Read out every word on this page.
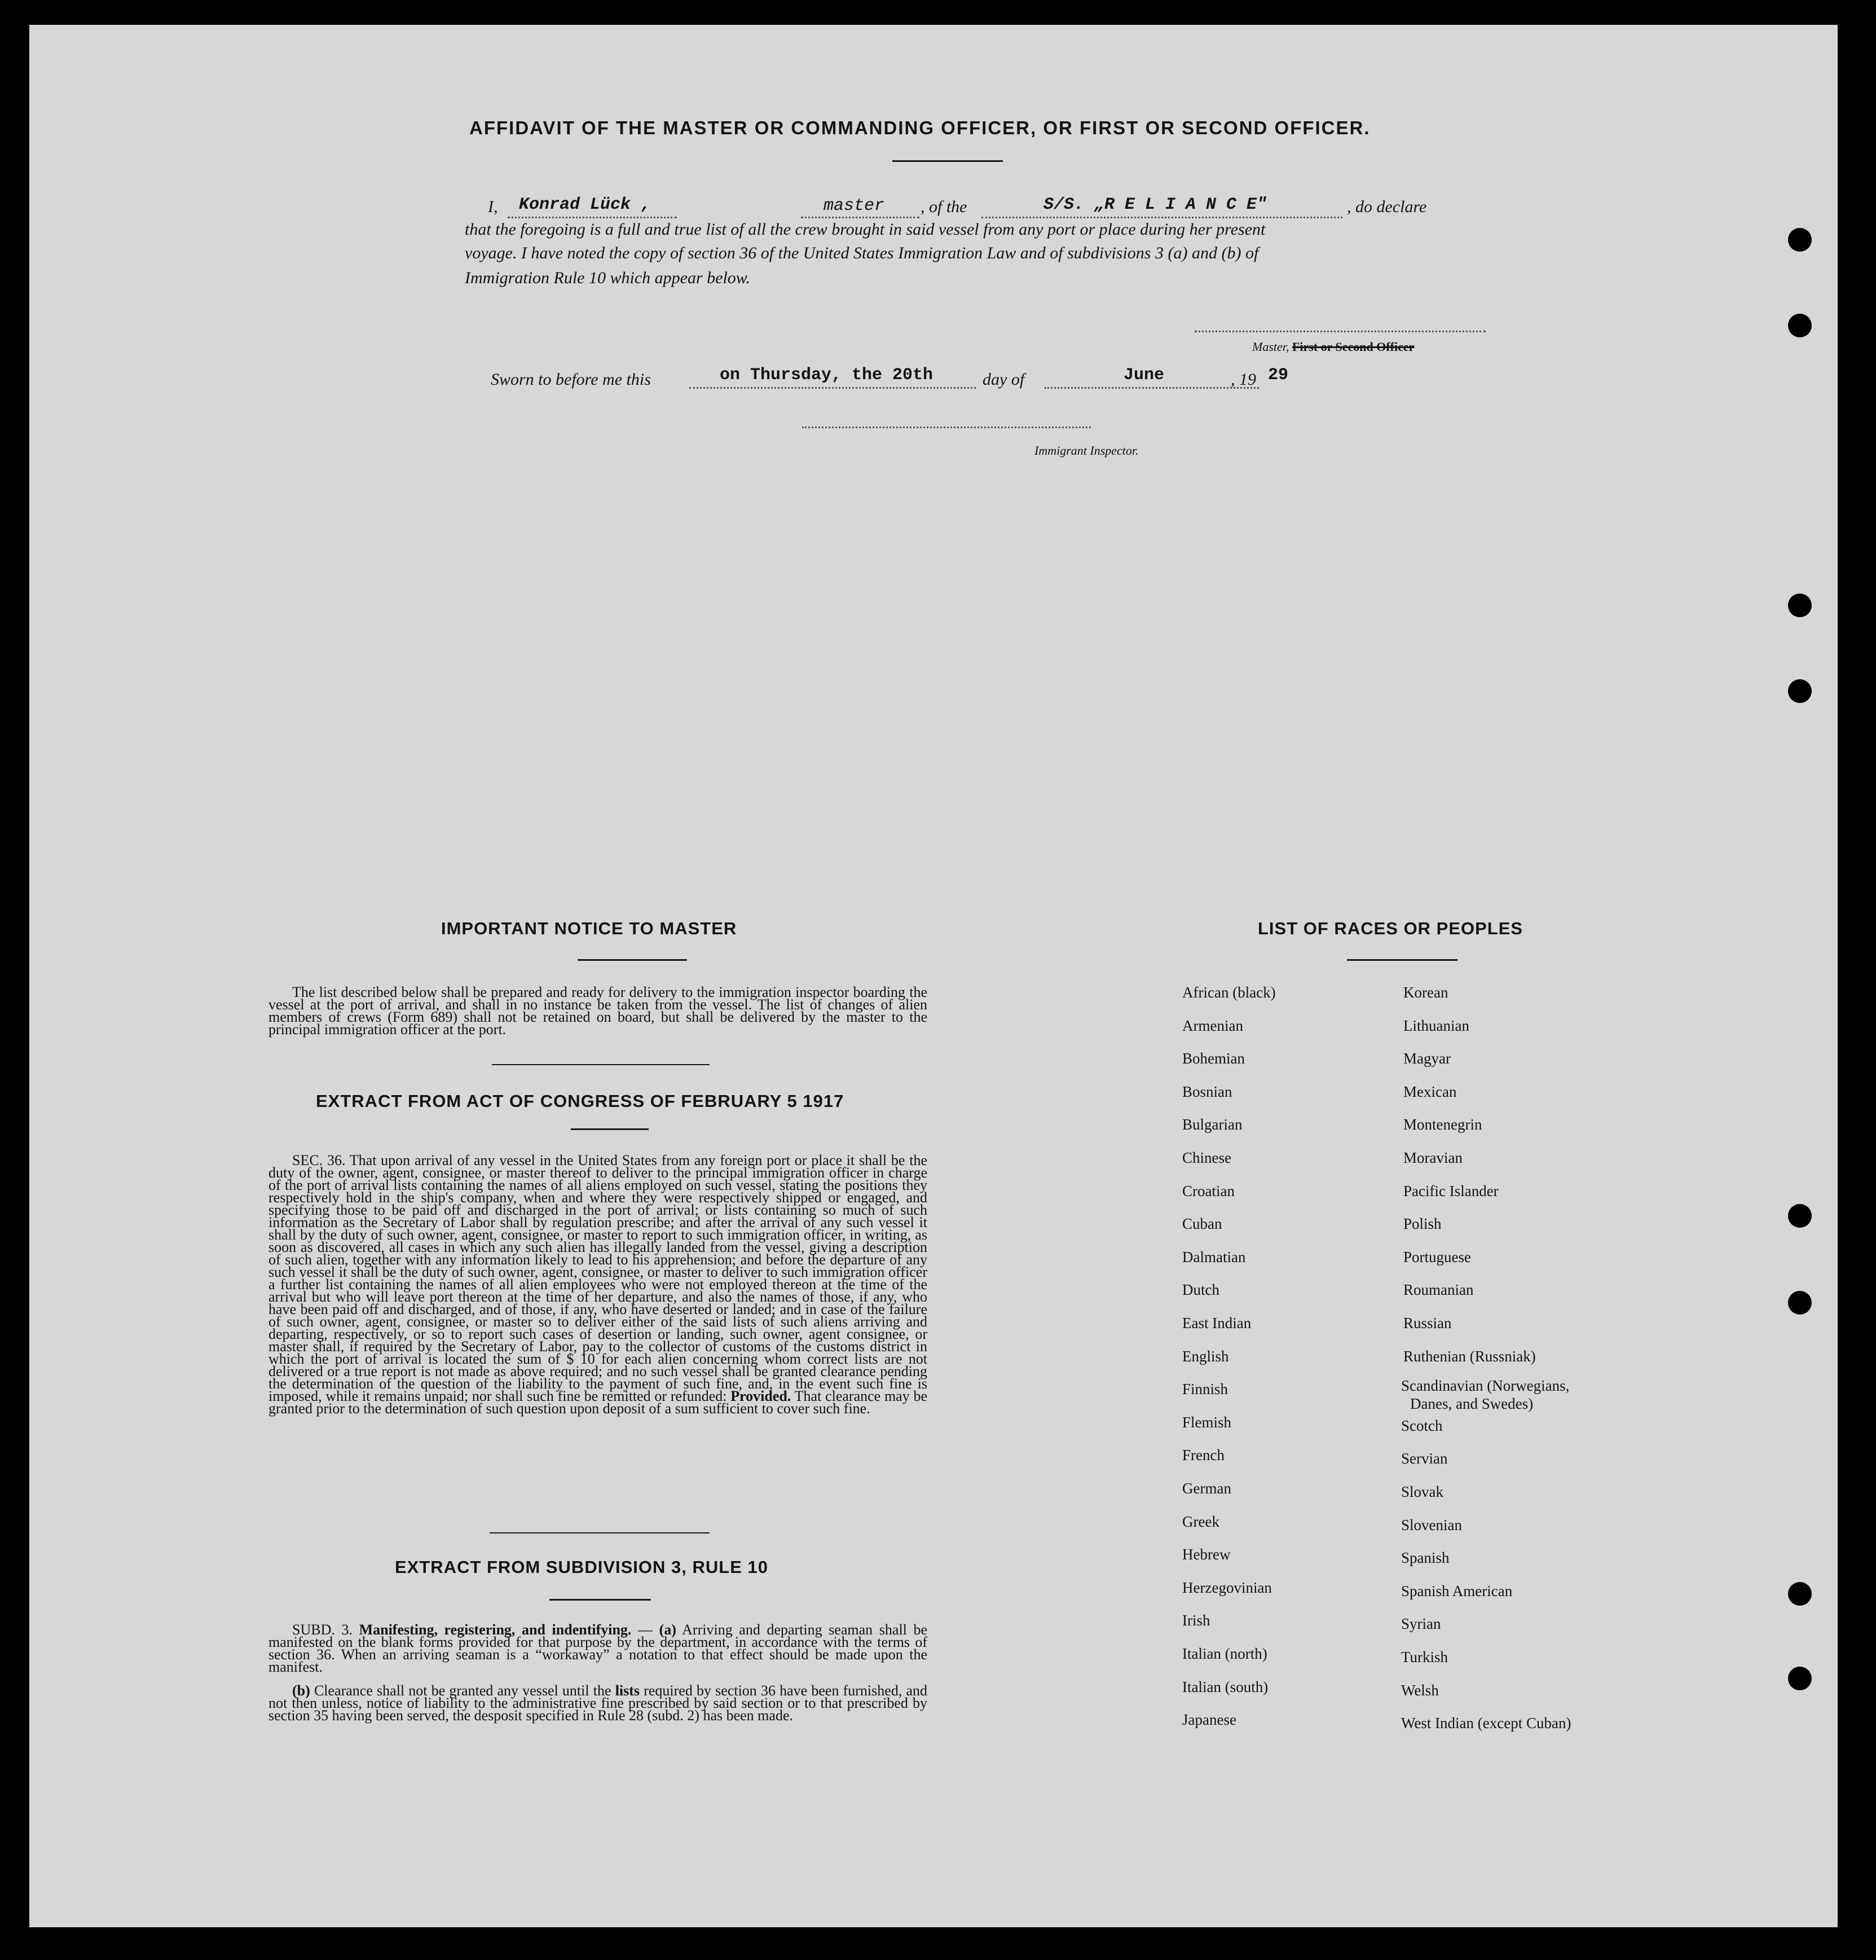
AFFIDAVIT OF THE MASTER OR COMMANDING OFFICER, OR FIRST OR SECOND OFFICER.
I, Konrad Lück ,	master , of the	S/S. „R E L I A N C E"	, do declare
that the foregoing is a full and true list of all the crew brought in said vessel from any port or place during her present
voyage. I have noted the copy of section 36 of the United States Immigration Law and of subdivisions 3 (a) and (b) of
Immigration Rule 10 which appear below.
Master, First or Second Officer
Sworn to before me this	on Thursday, the 20th	day of	June	, 19 29
Immigrant Inspector.
IMPORTANT NOTICE TO MASTER
The list described below shall be prepared and ready for delivery to the immigration inspector boarding the vessel at the port of arrival, and shall in no instance be taken from the vessel. The list of changes of alien members of crews (Form 689) shall not be retained on board, but shall be delivered by the master to the principal immigration officer at the port.
EXTRACT FROM ACT OF CONGRESS OF FEBRUARY 5 1917
SEC. 36. That upon arrival of any vessel in the United States from any foreign port or place it shall be the duty of the owner, agent, consignee, or master thereof to deliver to the principal immigration officer in charge of the port of arrival lists containing the names of all aliens employed on such vessel, stating the positions they respectively hold in the ship's company, when and where they were respectively shipped or engaged, and specifying those to be paid off and discharged in the port of arrival; or lists containing so much of such information as the Secretary of Labor shall by regulation prescribe; and after the arrival of any such vessel it shall by the duty of such owner, agent, consignee, or master to report to such immigration officer, in writing, as soon as discovered, all cases in which any such alien has illegally landed from the vessel, giving a description of such alien, together with any information likely to lead to his apprehension; and before the departure of any such vessel it shall be the duty of such owner, agent, consignee, or master to deliver to such immigration officer a further list containing the names of all alien employees who were not employed thereon at the time of the arrival but who will leave port thereon at the time of her departure, and also the names of those, if any, who have been paid off and discharged, and of those, if any, who have deserted or landed; and in case of the failure of such owner, agent, consignee, or master so to deliver either of the said lists of such aliens arriving and departing, respectively, or so to report such cases of desertion or landing, such owner, agent consignee, or master shall, if required by the Secretary of Labor, pay to the collector of customs of the customs district in which the port of arrival is located the sum of $ 10 for each alien concerning whom correct lists are not delivered or a true report is not made as above required; and no such vessel shall be granted clearance pending the determination of the question of the liability to the payment of such fine, and, in the event such fine is imposed, while it remains unpaid; nor shall such fine be remitted or refunded: Provided. That clearance may be granted prior to the determination of such question upon deposit of a sum sufficient to cover such fine.
EXTRACT FROM SUBDIVISION 3, RULE 10
SUBD. 3. Manifesting, registering, and indentifying. — (a) Arriving and departing seaman shall be manifested on the blank forms provided for that purpose by the department, in accordance with the terms of section 36. When an arriving seaman is a “workaway” a notation to that effect should be made upon the manifest.
(b) Clearance shall not be granted any vessel until the lists required by section 36 have been furnished, and not then unless, notice of liability to the administrative fine prescribed by said section or to that prescribed by section 35 having been served, the desposit specified in Rule 28 (subd. 2) has been made.
LIST OF RACES OR PEOPLES
African (black)
Armenian
Bohemian
Bosnian
Bulgarian
Chinese
Croatian
Cuban
Dalmatian
Dutch
East Indian
English
Finnish
Flemish
French
German
Greek
Hebrew
Herzegovinian
Irish
Italian (north)
Italian (south)
Japanese
Korean
Lithuanian
Magyar
Mexican
Montenegrin
Moravian
Pacific Islander
Polish
Portuguese
Roumanian
Russian
Ruthenian (Russniak)
Scandinavian (Norwegians,
Danes, and Swedes)
Scotch
Servian
Slovak
Slovenian
Spanish
Spanish American
Syrian
Turkish
Welsh
West Indian (except Cuban)
